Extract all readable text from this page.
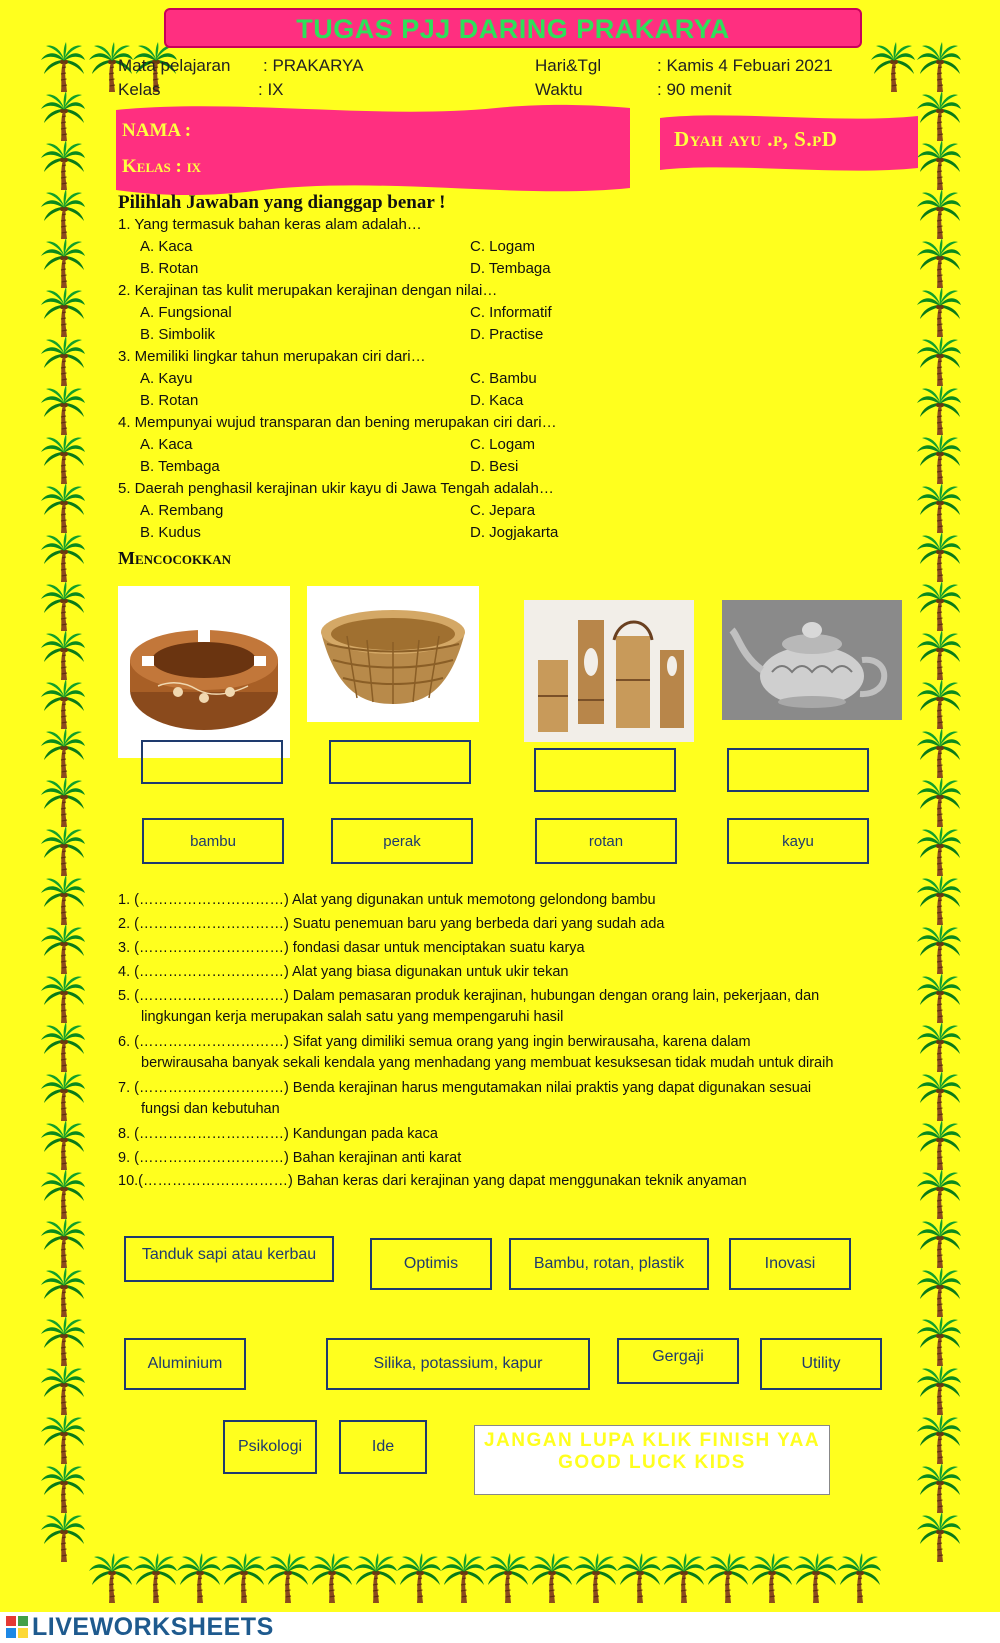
TUGAS PJJ DARING PRAKARYA
Mata pelajaran : PRAKARYA
Kelas	: IX
Hari&Tgl	: Kamis 4 Febuari 2021
Waktu	: 90 menit
NAMA :
Kelas : ix
Dyah ayu .p, S.pD
Pilihlah Jawaban yang dianggap benar !
1. Yang termasuk bahan keras alam adalah…
A. Kaca	C. Logam
B. Rotan	D. Tembaga
2. Kerajinan tas kulit merupakan kerajinan dengan nilai…
A. Fungsional	C. Informatif
B. Simbolik	D. Practise
3. Memiliki lingkar tahun merupakan ciri dari…
A. Kayu	C. Bambu
B. Rotan	D. Kaca
4. Mempunyai wujud transparan dan bening merupakan ciri dari…
A. Kaca	C. Logam
B. Tembaga	D. Besi
5. Daerah penghasil kerajinan ukir kayu di Jawa Tengah adalah…
A. Rembang	C. Jepara
B. Kudus	D. Jogjakarta
Mencocokkan
bambu	perak	rotan	kayu
1. (…………………………) Alat yang digunakan untuk memotong gelondong bambu
2. (…………………………) Suatu penemuan baru yang berbeda dari yang sudah ada
3. (…………………………) fondasi dasar untuk menciptakan suatu karya
4. (…………………………) Alat yang biasa digunakan untuk ukir tekan
5. (…………………………) Dalam pemasaran produk kerajinan, hubungan dengan orang lain, pekerjaan, dan
lingkungan kerja merupakan salah satu yang mempengaruhi hasil
6. (…………………………) Sifat yang dimiliki semua orang yang ingin berwirausaha, karena dalam
berwirausaha banyak sekali kendala yang menhadang yang membuat kesuksesan tidak mudah untuk diraih
7. (…………………………) Benda kerajinan harus mengutamakan nilai praktis yang dapat digunakan sesuai
fungsi dan kebutuhan
8. (…………………………) Kandungan pada kaca
9. (…………………………) Bahan kerajinan anti karat
10.(…………………………) Bahan keras dari kerajinan yang dapat menggunakan teknik anyaman
Tanduk sapi atau kerbau
Optimis	Bambu, rotan, plastik	Inovasi
Aluminium	Silika, potassium, kapur	Gergaji	Utility
Psikologi	Ide	JANGAN LUPA KLIK FINISH YAA
GOOD LUCK KIDS
LIVEWORKSHEETS
